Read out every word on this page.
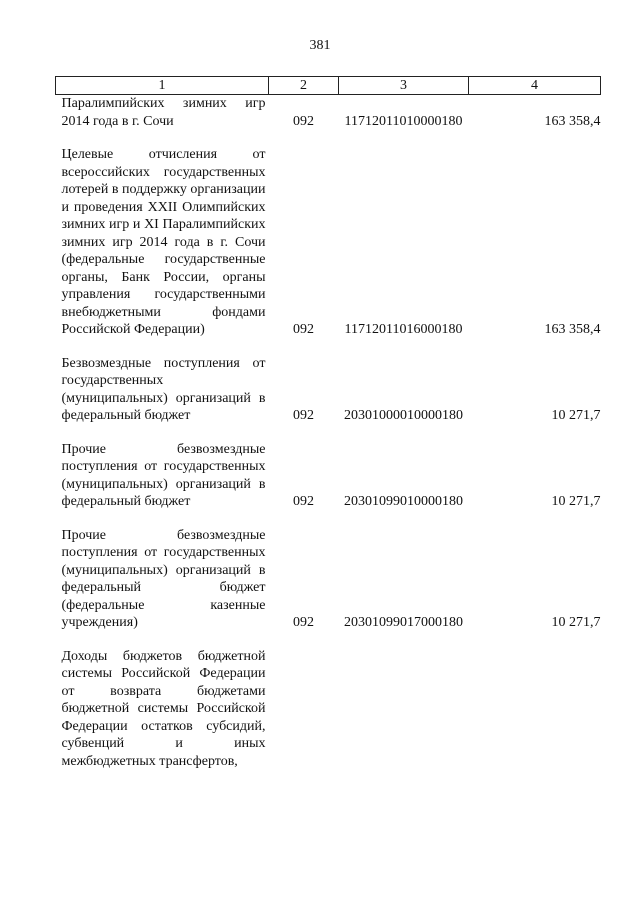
381
1	2	3	4
Паралимпийских зимних игр 2014 года в г. Сочи	092	11712011010000180	163 358,4
Целевые отчисления от всероссийских государственных лотерей в поддержку организации и проведения XXII Олимпийских зимних игр и XI Паралимпийских зимних игр 2014 года в г. Сочи (федеральные государственные органы, Банк России, органы управления государственными внебюджетными фондами Российской Федерации)	092	11712011016000180	163 358,4
Безвозмездные поступления от государственных (муниципальных) организаций в федеральный бюджет	092	20301000010000180	10 271,7
Прочие безвозмездные поступления от государственных (муниципальных) организаций в федеральный бюджет	092	20301099010000180	10 271,7
Прочие безвозмездные поступления от государственных (муниципальных) организаций в федеральный бюджет (федеральные казенные учреждения)	092	20301099017000180	10 271,7
Доходы бюджетов бюджетной системы Российской Федерации от возврата бюджетами бюджетной системы Российской Федерации остатков субсидий, субвенций и иных межбюджетных трансфертов,			
